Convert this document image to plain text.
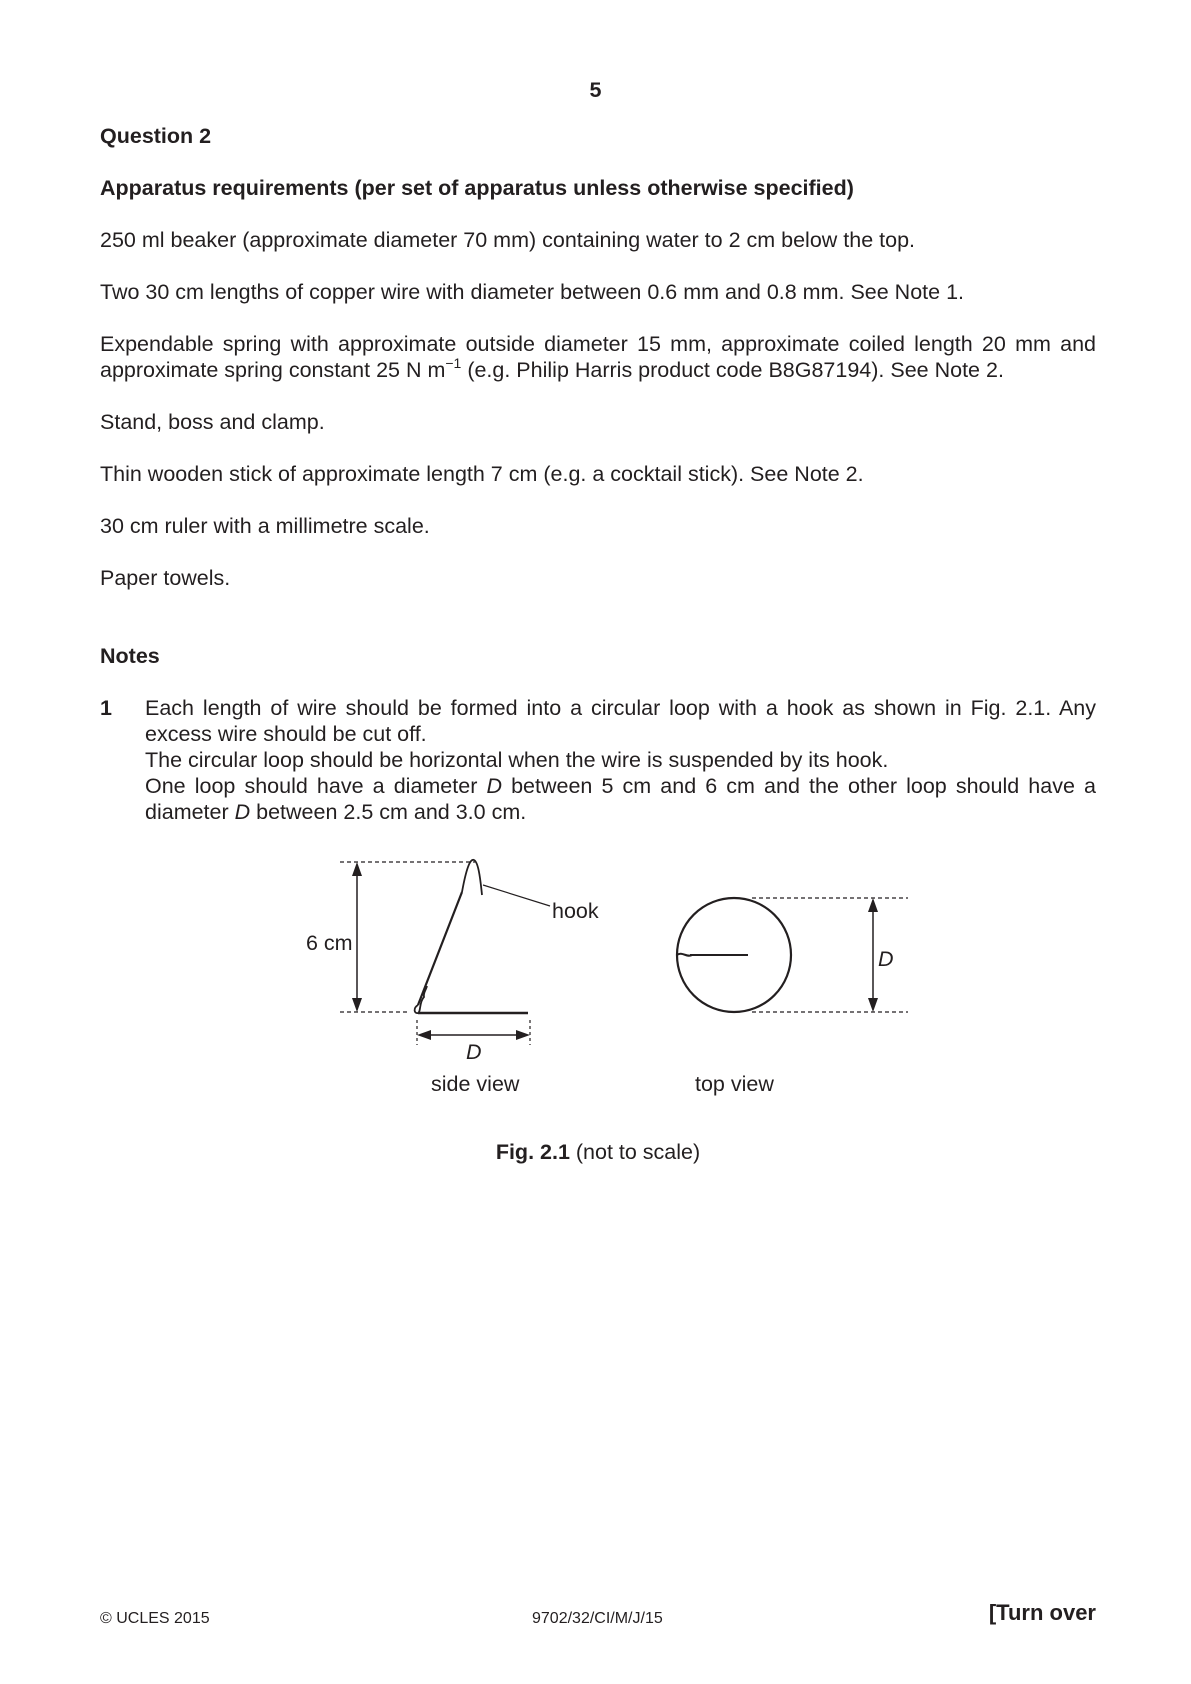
5
Question 2
Apparatus requirements (per set of apparatus unless otherwise specified)

250 ml beaker (approximate diameter 70 mm) containing water to 2 cm below the top.

Two 30 cm lengths of copper wire with diameter between 0.6 mm and 0.8 mm. See Note 1.

Expendable spring with approximate outside diameter 15 mm, approximate coiled length 20 mm and approximate spring constant 25 N $m^{-1}$ (e.g. Philip Harris product code B8G87194). See Note 2.

Stand, boss and clamp.

Thin wooden stick of approximate length 7 cm (e.g. a cocktail stick). See Note 2.

30 cm ruler with a millimetre scale.

Paper towels.

Notes
1 Each length of wire should be formed into a circular loop with a hook as shown in Fig. 2.1. Any
excess wire should be cut off.
The circular loop should be horizontal when the wire is suspended by its hook.
One loop should have a diameter D between 5 cm and 6 cm and the other loop should have a
diameter D between 2.5 cm and 3.0 cm.
6 cm
hook
D
D
side view	top view
Fig. 2.1 (not to scale)
© UCLES 2015	9702/32/CI/M/J/15	[Turn over
